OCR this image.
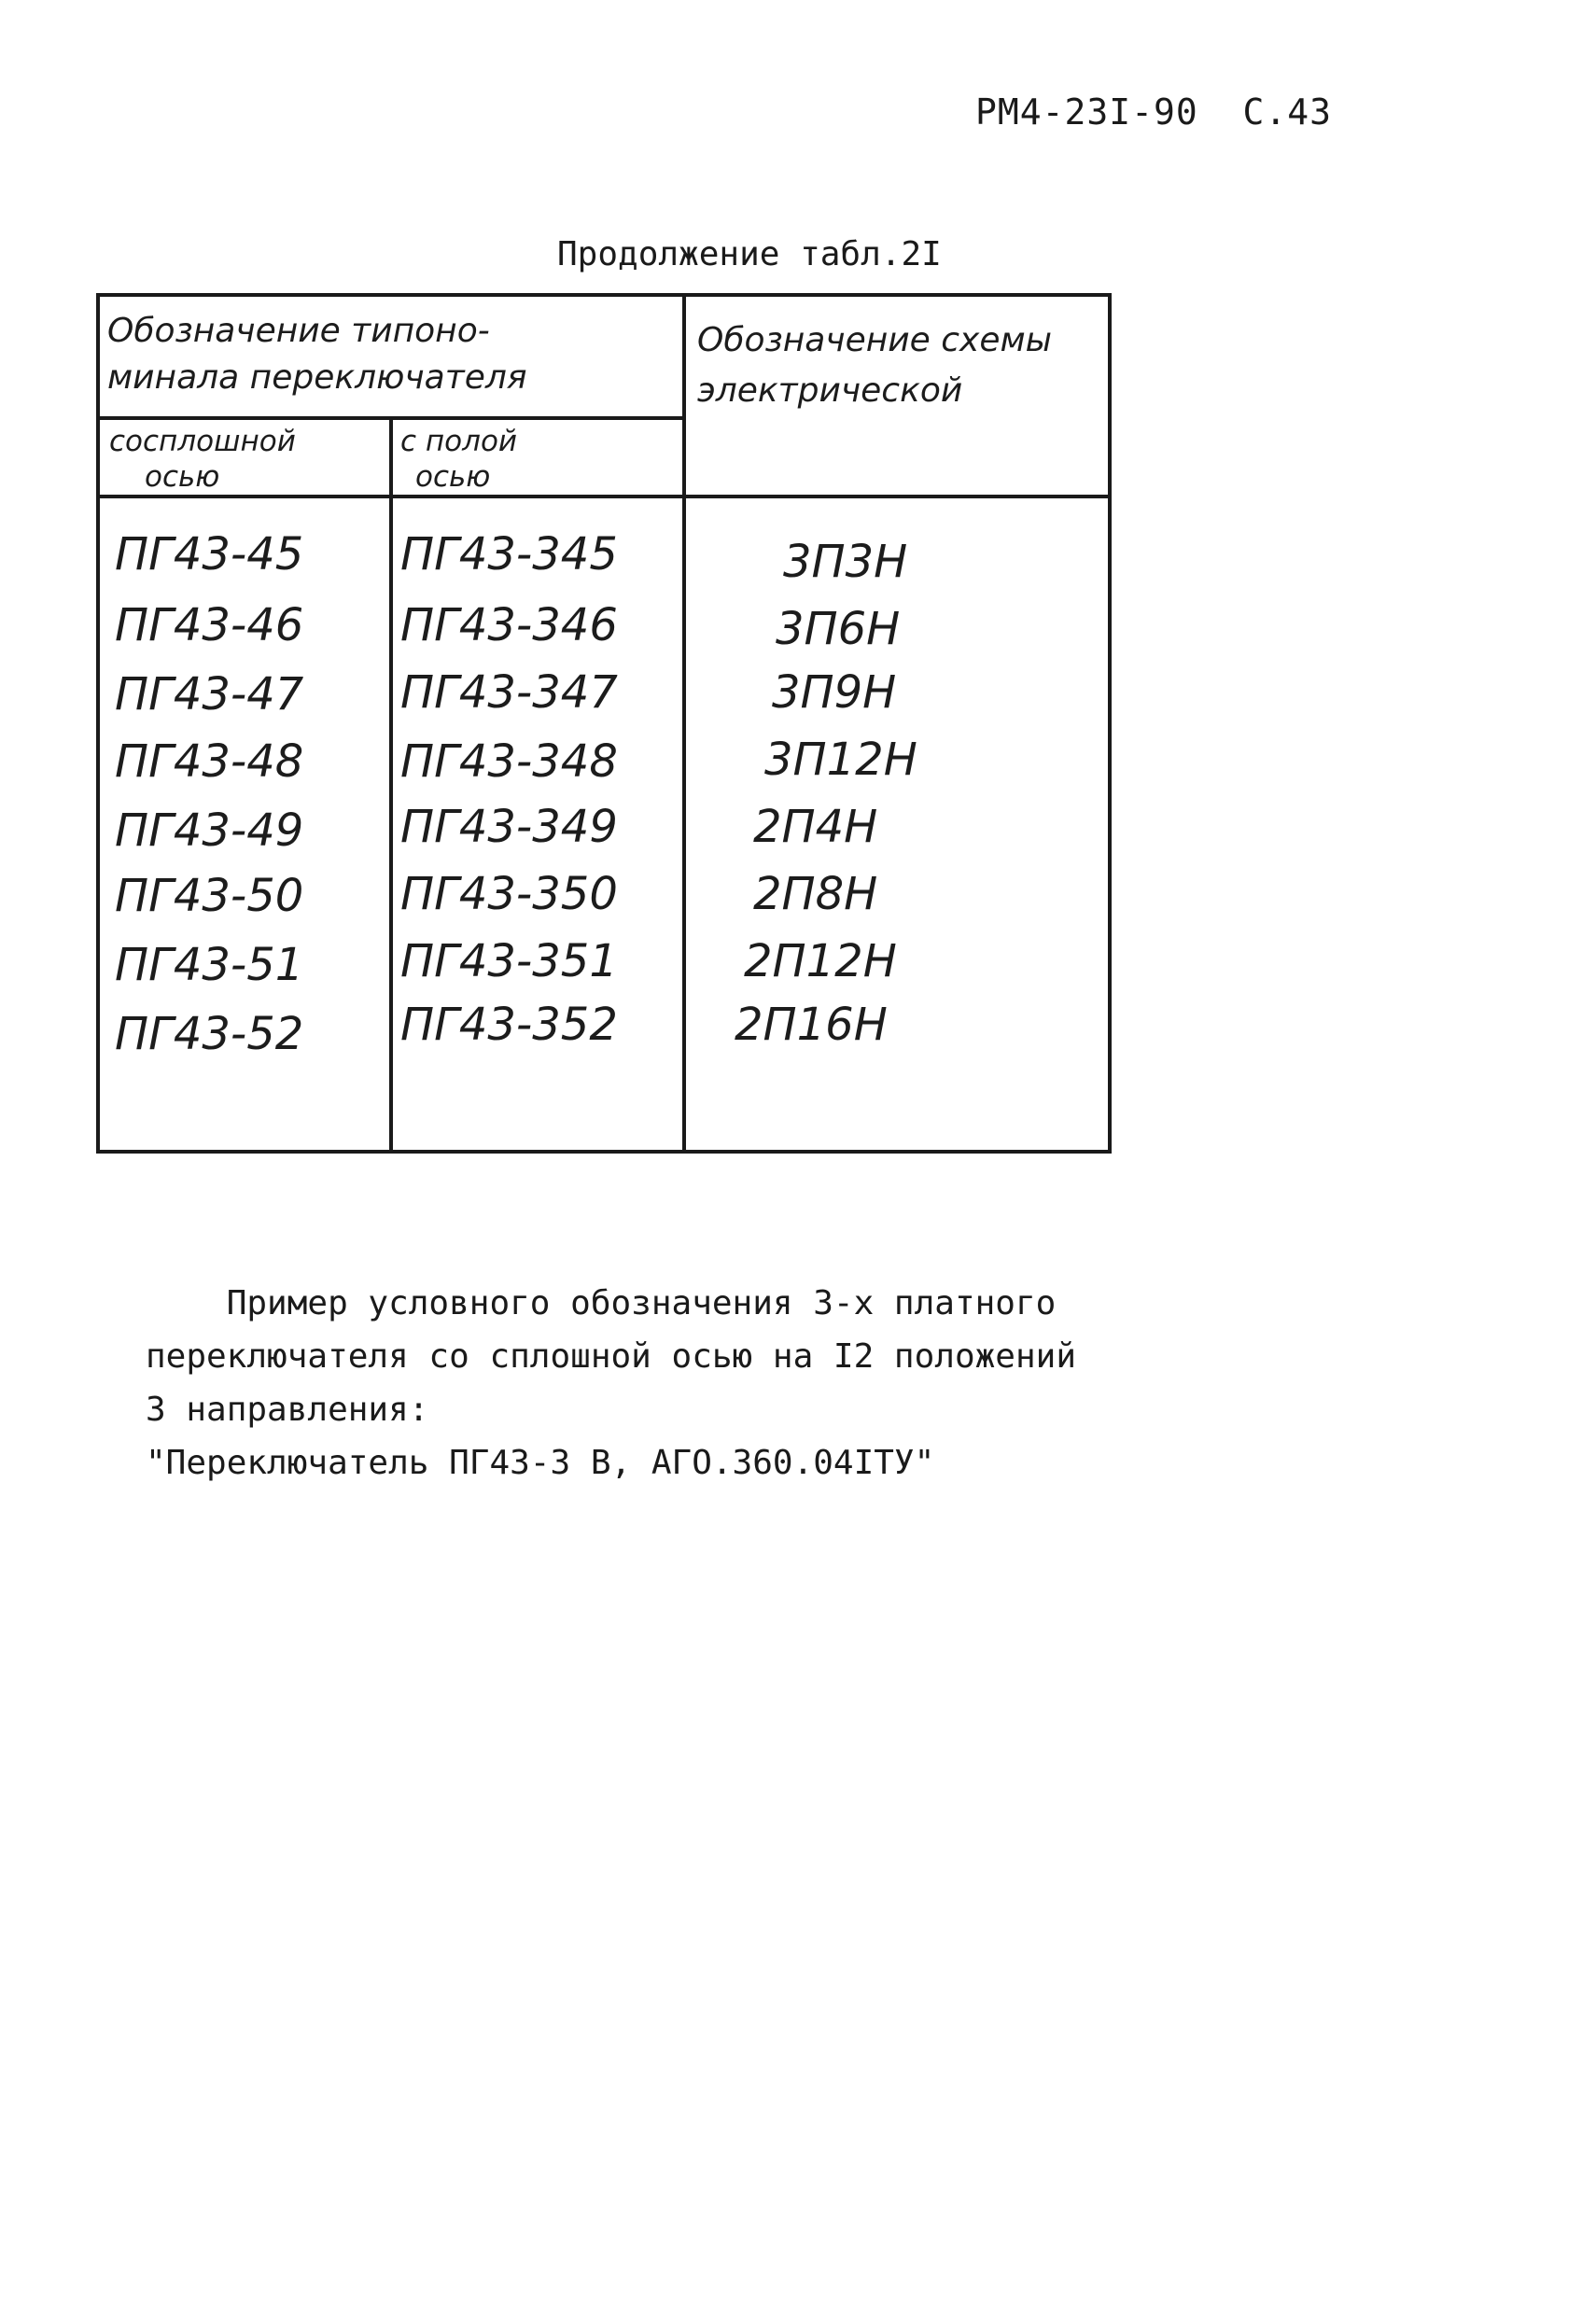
РМ4-23I-90  С.43
Продолжение табл.2I
Обозначение типоно-
минала переключателя
сосплошной
осью
с полой
осью
Обозначение схемы
электрической
ПГ43-45 ПГ43-345	3П3Н
ПГ43-46 ПГ43-346	3П6Н
ПГ43-47 ПГ43-347	3П9Н
ПГ43-48 ПГ43-348	3П12Н
ПГ43-49 ПГ43-349	2П4Н
ПГ43-50 ПГ43-350	2П8Н
ПГ43-51 ПГ43-351	2П12Н
ПГ43-52 ПГ43-352	2П16Н
Пример условного обозначения 3-х платного
переключателя со сплошной осью на I2 положений
3 направления:
"Переключатель ПГ43-3 В, АГО.360.04IТУ"
